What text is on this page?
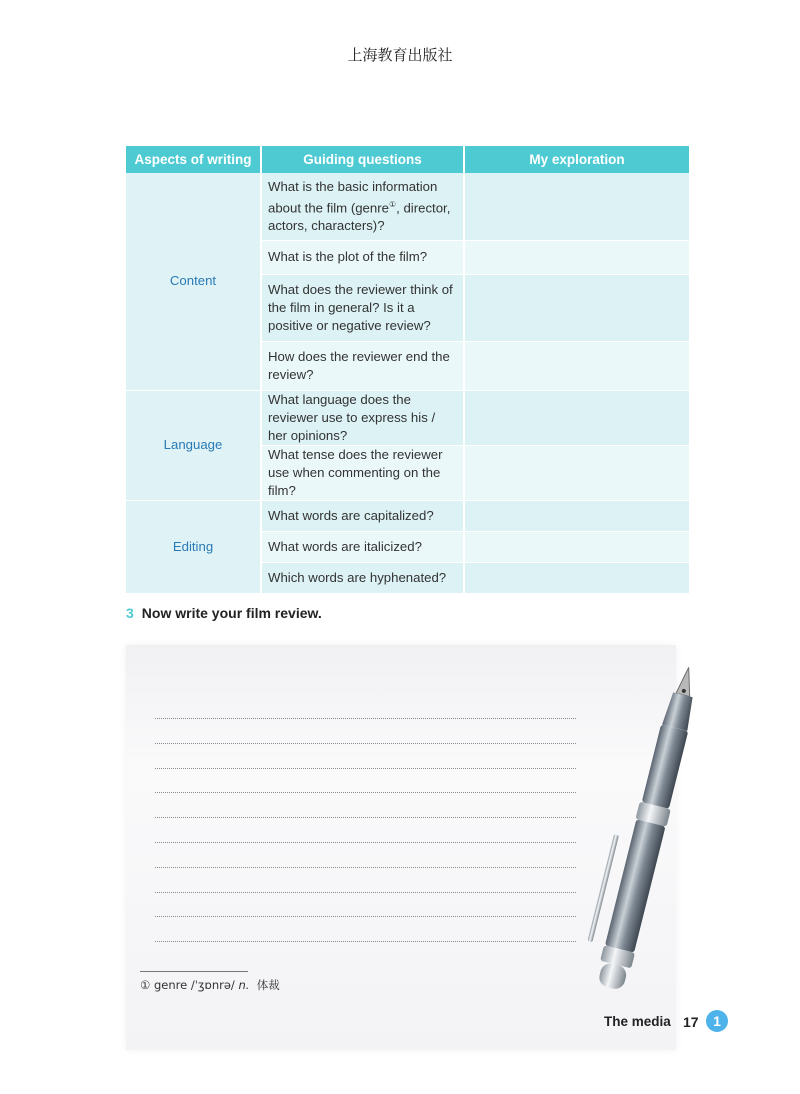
上海教育出版社
Aspects of writing	Guiding questions	My exploration
Content	What is the basic information about the film (genre①, director, actors, characters)?	
	What is the plot of the film?	
	What does the reviewer think of the film in general? Is it a positive or negative review?	
	How does the reviewer end the review?	
Language	What language does the reviewer use to express his / her opinions?	
	What tense does the reviewer use when commenting on the film?	
Editing	What words are capitalized?	
	What words are italicized?	
	Which words are hyphenated?	
3 Now write your film review.
① genre /ˈʒɒnrə/ n. 体裁
The media 17	1
